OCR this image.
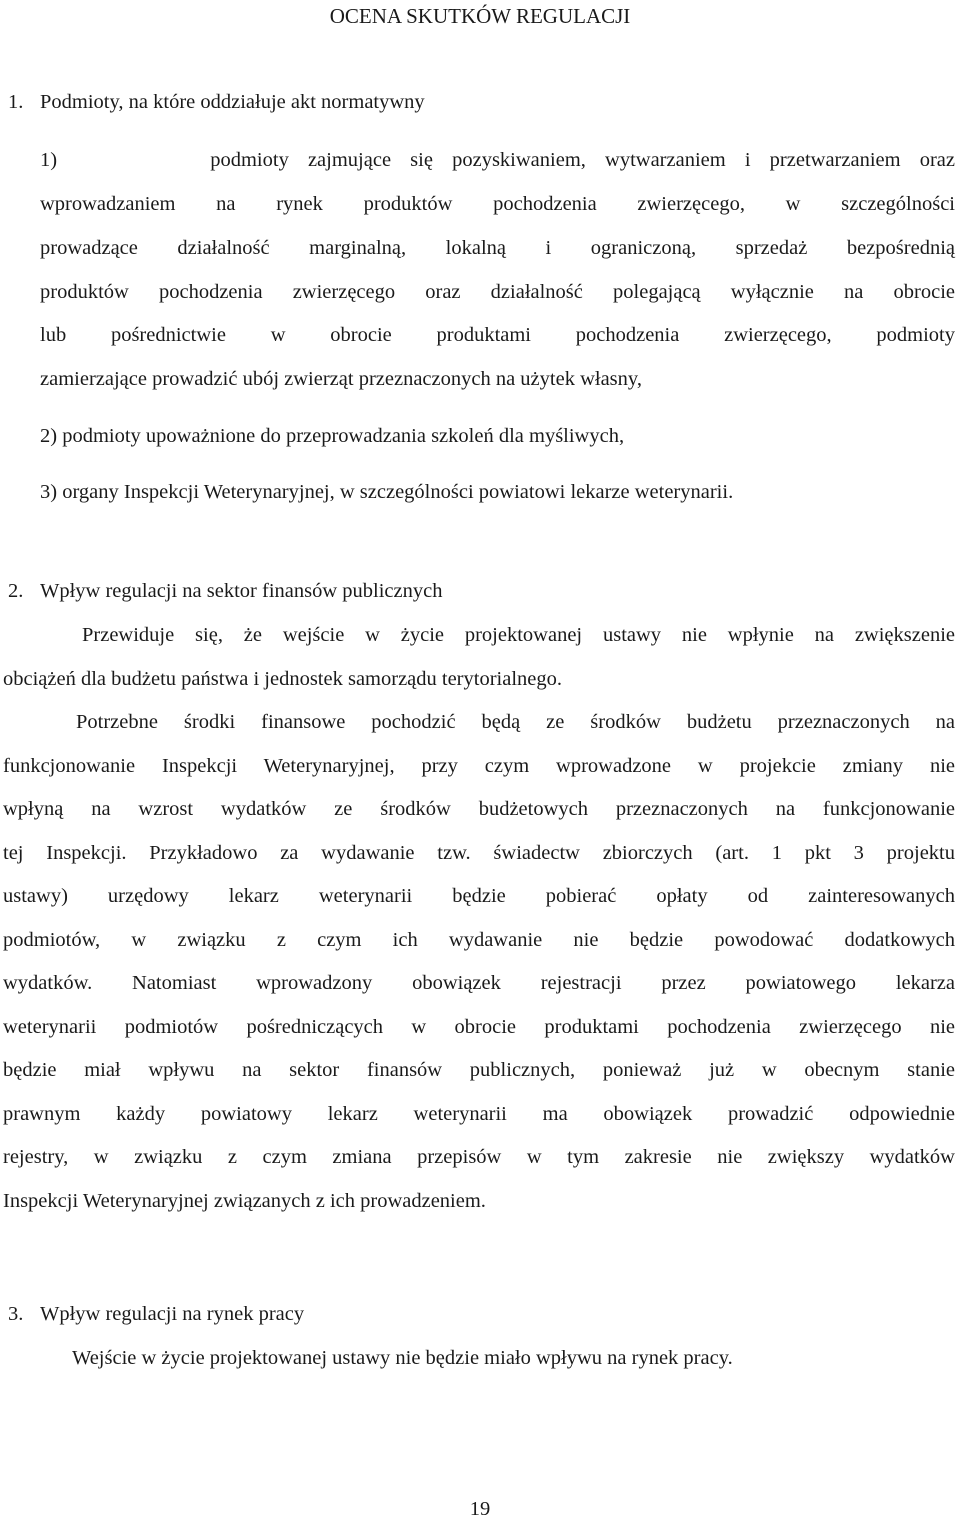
OCENA SKUTKÓW REGULACJI

1. Podmioty, na które oddziałuje akt normatywny

1)        podmioty zajmujące się pozyskiwaniem, wytwarzaniem i przetwarzaniem oraz

wprowadzaniem na rynek produktów pochodzenia zwierzęcego, w szczególności

prowadzące działalność marginalną, lokalną i ograniczoną, sprzedaż bezpośrednią

produktów pochodzenia zwierzęcego oraz działalność polegającą wyłącznie na obrocie

lub pośrednictwie w obrocie produktami pochodzenia zwierzęcego, podmioty

zamierzające prowadzić ubój zwierząt przeznaczonych na użytek własny,

2) podmioty upoważnione do przeprowadzania szkoleń dla myśliwych,

3) organy Inspekcji Weterynaryjnej, w szczególności powiatowi lekarze weterynarii.

2. Wpływ regulacji na sektor finansów publicznych

Przewiduje się, że wejście w życie projektowanej ustawy nie wpłynie na zwiększenie

obciążeń dla budżetu państwa i jednostek samorządu terytorialnego.

Potrzebne środki finansowe pochodzić będą ze środków budżetu przeznaczonych na

funkcjonowanie Inspekcji Weterynaryjnej, przy czym wprowadzone w projekcie zmiany nie

wpłyną na wzrost wydatków ze środków budżetowych przeznaczonych na funkcjonowanie

tej Inspekcji. Przykładowo za wydawanie tzw. świadectw zbiorczych (art. 1 pkt 3 projektu

ustawy) urzędowy lekarz weterynarii będzie pobierać opłaty od zainteresowanych

podmiotów, w związku z czym ich wydawanie nie będzie powodować dodatkowych

wydatków. Natomiast wprowadzony obowiązek rejestracji przez powiatowego lekarza

weterynarii podmiotów pośredniczących w obrocie produktami pochodzenia zwierzęcego nie

będzie miał wpływu na sektor finansów publicznych, ponieważ już w obecnym stanie

prawnym każdy powiatowy lekarz weterynarii ma obowiązek prowadzić odpowiednie

rejestry, w związku z czym zmiana przepisów w tym zakresie nie zwiększy wydatków

Inspekcji Weterynaryjnej związanych z ich prowadzeniem.

3. Wpływ regulacji na rynek pracy

Wejście w życie projektowanej ustawy nie będzie miało wpływu na rynek pracy.

19
